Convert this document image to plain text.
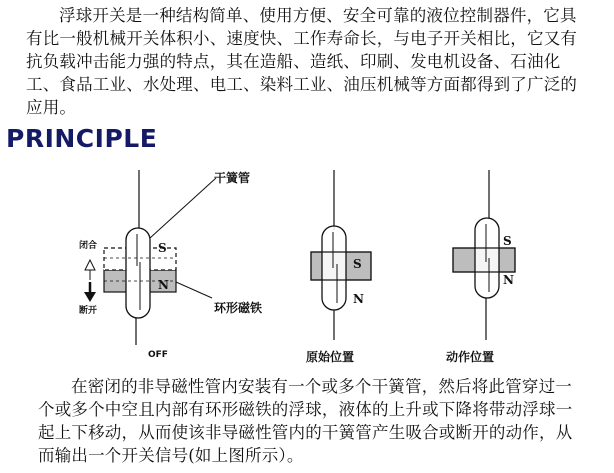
浮球开关是一种结构简单、使用方便、安全可靠的液位控制器件，它具有比一般机械开关体积小、速度快、工作寿命长，与电子开关相比，它又有抗负载冲击能力强的特点，其在造船、造纸、印刷、发电机设备、石油化工、食品工业、水处理、电工、染料工业、油压机械等方面都得到了广泛的应用。

PRINCIPLE
S
N
闭合
断开
干簧管
环形磁铁
OFF
S
N
原始位置
S
N
动作位置

在密闭的非导磁性管内安装有一个或多个干簧管，然后将此管穿过一个或多个中空且内部有环形磁铁的浮球，液体的上升或下降将带动浮球一起上下移动，从而使该非导磁性管内的干簧管产生吸合或断开的动作，从而输出一个开关信号(如上图所示）。
